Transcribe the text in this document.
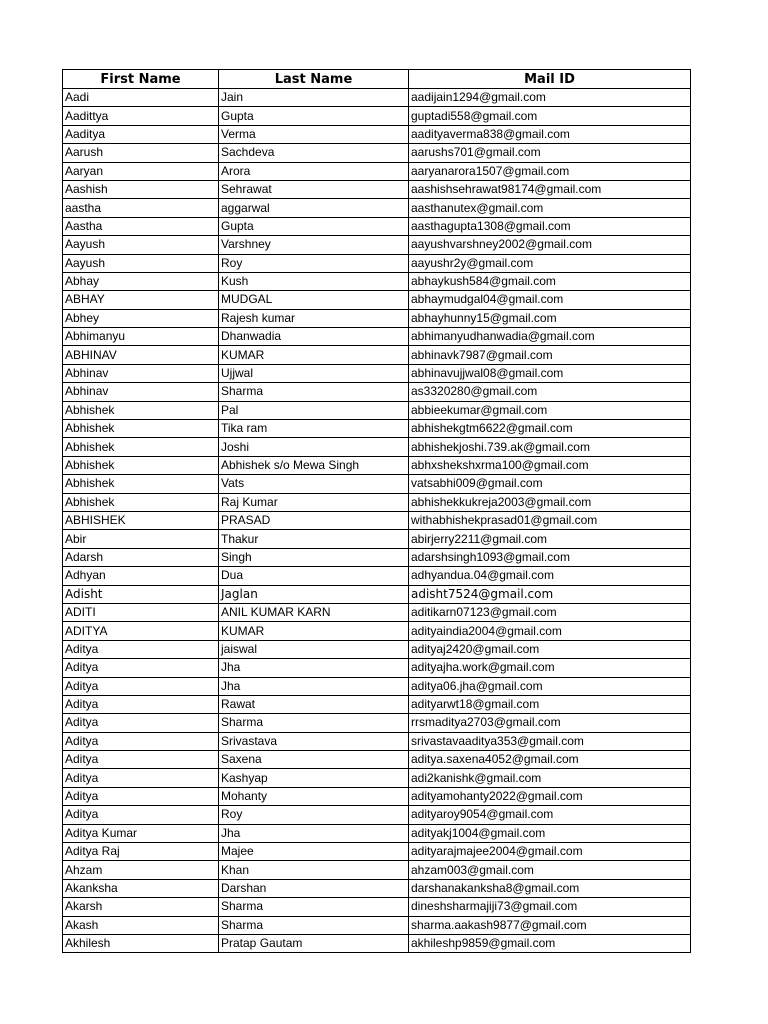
First Name	Last Name	Mail ID
Aadi	Jain	aadijain1294@gmail.com
Aadittya	Gupta	guptadi558@gmail.com
Aaditya	Verma	aadityaverma838@gmail.com
Aarush	Sachdeva	aarushs701@gmail.com
Aaryan	Arora	aaryanarora1507@gmail.com
Aashish	Sehrawat	aashishsehrawat98174@gmail.com
aastha	aggarwal	aasthanutex@gmail.com
Aastha	Gupta	aasthagupta1308@gmail.com
Aayush	Varshney	aayushvarshney2002@gmail.com
Aayush	Roy	aayushr2y@gmail.com
Abhay	Kush	abhaykush584@gmail.com
ABHAY	MUDGAL	abhaymudgal04@gmail.com
Abhey	Rajesh kumar	abhayhunny15@gmail.com
Abhimanyu	Dhanwadia	abhimanyudhanwadia@gmail.com
ABHINAV	KUMAR	abhinavk7987@gmail.com
Abhinav	Ujjwal	abhinavujjwal08@gmail.com
Abhinav	Sharma	as3320280@gmail.com
Abhishek	Pal	abbieekumar@gmail.com
Abhishek	Tika ram	abhishekgtm6622@gmail.com
Abhishek	Joshi	abhishekjoshi.739.ak@gmail.com
Abhishek	Abhishek s/o Mewa Singh	abhxshekshxrma100@gmail.com
Abhishek	Vats	vatsabhi009@gmail.com
Abhishek	Raj Kumar	abhishekkukreja2003@gmail.com
ABHISHEK	PRASAD	withabhishekprasad01@gmail.com
Abir	Thakur	abirjerry2211@gmail.com
Adarsh	Singh	adarshsingh1093@gmail.com
Adhyan	Dua	adhyandua.04@gmail.com
Adisht	Jaglan	adisht7524@gmail.com
ADITI	ANIL KUMAR KARN	aditikarn07123@gmail.com
ADITYA	KUMAR	adityaindia2004@gmail.com
Aditya	jaiswal	adityaj2420@gmail.com
Aditya	Jha	adityajha.work@gmail.com
Aditya	Jha	aditya06.jha@gmail.com
Aditya	Rawat	adityarwt18@gmail.com
Aditya	Sharma	rrsmaditya2703@gmail.com
Aditya	Srivastava	srivastavaaditya353@gmail.com
Aditya	Saxena	aditya.saxena4052@gmail.com
Aditya	Kashyap	adi2kanishk@gmail.com
Aditya	Mohanty	adityamohanty2022@gmail.com
Aditya	Roy	adityaroy9054@gmail.com
Aditya Kumar	Jha	adityakj1004@gmail.com
Aditya Raj	Majee	adityarajmajee2004@gmail.com
Ahzam	Khan	ahzam003@gmail.com
Akanksha	Darshan	darshanakanksha8@gmail.com
Akarsh	Sharma	dineshsharmajiji73@gmail.com
Akash	Sharma	sharma.aakash9877@gmail.com
Akhilesh	Pratap Gautam	akhileshp9859@gmail.com
